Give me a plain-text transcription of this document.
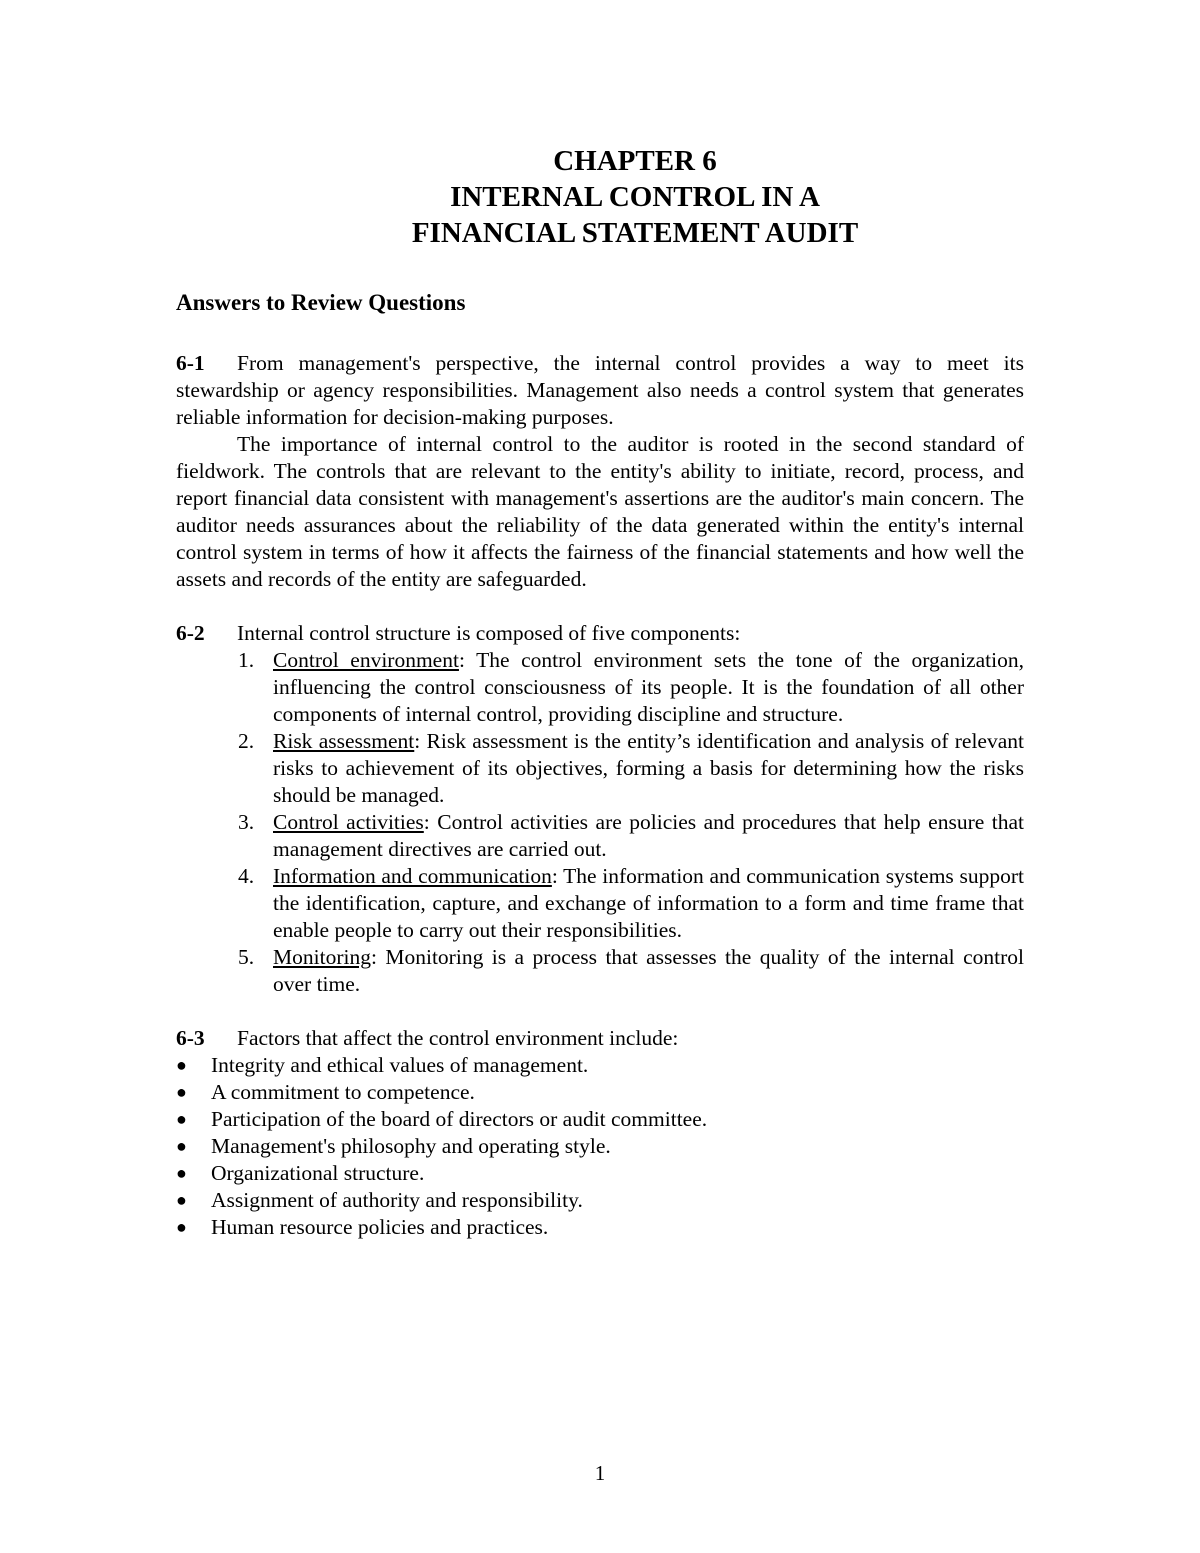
CHAPTER 6
INTERNAL CONTROL IN A
FINANCIAL STATEMENT AUDIT
Answers to Review Questions

6-1 From management's perspective, the internal control provides a way to meet its stewardship or agency responsibilities. Management also needs a control system that generates reliable information for decision-making purposes.

The importance of internal control to the auditor is rooted in the second standard of fieldwork. The controls that are relevant to the entity's ability to initiate, record, process, and report financial data consistent with management's assertions are the auditor's main concern. The auditor needs assurances about the reliability of the data generated within the entity's internal control system in terms of how it affects the fairness of the financial statements and how well the assets and records of the entity are safeguarded.

6-2 Internal control structure is composed of five components:

1. Control environment: The control environment sets the tone of the organization, influencing the control consciousness of its people. It is the foundation of all other components of internal control, providing discipline and structure.
2. Risk assessment: Risk assessment is the entity’s identification and analysis of relevant risks to achievement of its objectives, forming a basis for determining how the risks should be managed.
3. Control activities: Control activities are policies and procedures that help ensure that management directives are carried out.
4. Information and communication: The information and communication systems support the identification, capture, and exchange of information to a form and time frame that enable people to carry out their responsibilities.
5. Monitoring: Monitoring is a process that assesses the quality of the internal control over time.

6-3 Factors that affect the control environment include:

● Integrity and ethical values of management.
● A commitment to competence.
● Participation of the board of directors or audit committee.
● Management's philosophy and operating style.
● Organizational structure.
● Assignment of authority and responsibility.
● Human resource policies and practices.
1
